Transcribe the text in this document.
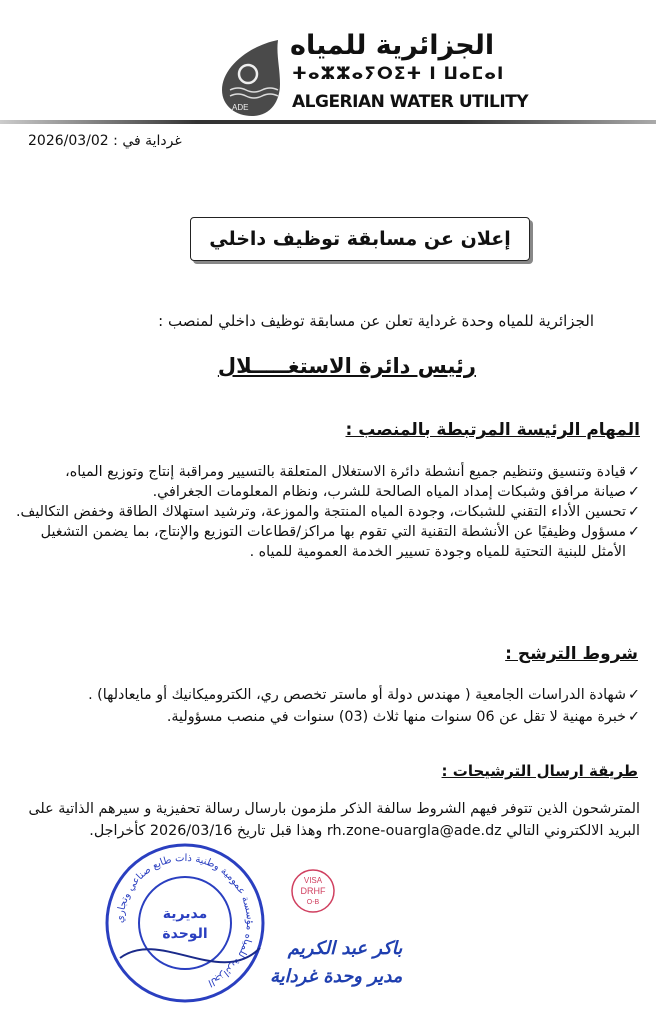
ADE
الجزائرية للمياه
ⵜⴰⵣⵣⴰⵢⵔⵉⵜ ⵏ ⵡⴰⵎⴰⵏ
ALGERIAN WATER UTILITY
غرداية في : 2026/03/02
إعلان عن مسابقة توظيف داخلي
الجزائرية للمياه وحدة غرداية تعلن عن مسابقة توظيف داخلي لمنصب :
رئيس دائرة الاستغـــــلال
المهام الرئيسة المرتبطة بالمنصب :
✓ قيادة وتنسيق وتنظيم جميع أنشطة دائرة الاستغلال المتعلقة بالتسيير ومراقبة إنتاج وتوزيع المياه،
✓ صيانة مرافق وشبكات إمداد المياه الصالحة للشرب، ونظام المعلومات الجغرافي.
✓ تحسين الأداء التقني للشبكات، وجودة المياه المنتجة والموزعة، وترشيد استهلاك الطاقة وخفض التكاليف.
✓ مسؤول وظيفيًا عن الأنشطة التقنية التي تقوم بها مراكز/قطاعات التوزيع والإنتاج، بما يضمن التشغيل الأمثل للبنية التحتية للمياه وجودة تسيير الخدمة العمومية للمياه .
شروط الترشح :
✓ شهادة الدراسات الجامعية ( مهندس دولة أو ماستر تخصص ري، الكتروميكانيك أو مايعادلها) .
✓ خبرة مهنية لا تقل عن 06 سنوات منها ثلاث (03) سنوات في منصب مسؤولية.
طريقة ارسال الترشيحات :
المترشحون الذين تتوفر فيهم الشروط سالفة الذكر ملزمون بارسال رسالة تحفيزية و سيرهم الذاتية على البريد الالكتروني التالي rh.zone-ouargla@ade.dz وهذا قبل تاريخ 2026/03/16 كأخراجل.
الجزائرية للمياه مؤسسة عمومية وطنية ذات طابع صناعي وتجاري
مديرية
الوحدة
VISA
DRHF
O-B
باكر عبد الكريم
مدير وحدة غرداية
